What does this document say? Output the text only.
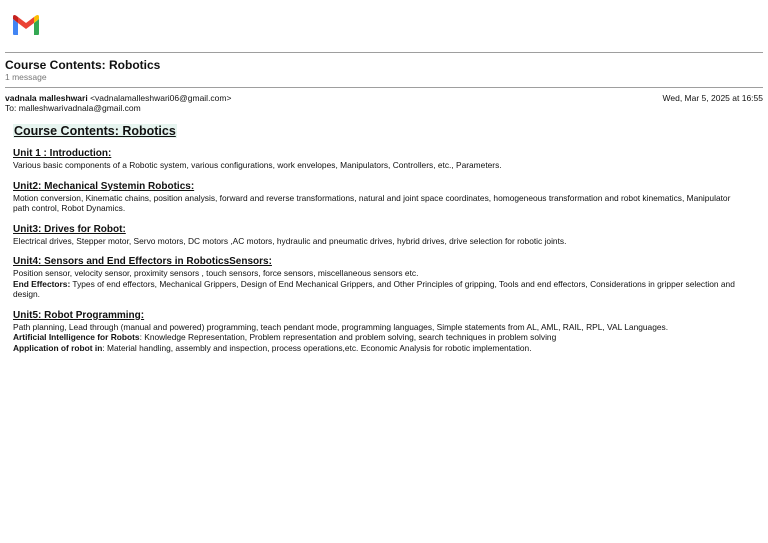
Course Contents: Robotics
1 message
vadnala malleshwari <vadnalamalleshwari06@gmail.com>	Wed, Mar 5, 2025 at 16:55
To: malleshwarivadnala@gmail.com
Course Contents: Robotics
Unit 1 : Introduction:
Various basic components of a Robotic system, various configurations, work envelopes, Manipulators, Controllers, etc., Parameters.
Unit2: Mechanical Systemin Robotics:
Motion conversion, Kinematic chains, position analysis, forward and reverse transformations, natural and joint space coordinates, homogeneous transformation and robot kinematics, Manipulator path control, Robot Dynamics.
Unit3: Drives for Robot:
Electrical drives, Stepper motor, Servo motors, DC motors ,AC motors, hydraulic and pneumatic drives, hybrid drives, drive selection for robotic joints.
Unit4: Sensors and End Effectors in RoboticsSensors:
Position sensor, velocity sensor, proximity sensors , touch sensors, force sensors, miscellaneous sensors etc.
End Effectors: Types of end effectors, Mechanical Grippers, Design of End Mechanical Grippers, and Other Principles of gripping, Tools and end effectors, Considerations in gripper selection and design.
Unit5: Robot Programming:
Path planning, Lead through (manual and powered) programming, teach pendant mode, programming languages, Simple statements from AL, AML, RAIL, RPL, VAL Languages.
Artificial Intelligence for Robots: Knowledge Representation, Problem representation and problem solving, search techniques in problem solving
Application of robot in: Material handling, assembly and inspection, process operations,etc. Economic Analysis for robotic implementation.
